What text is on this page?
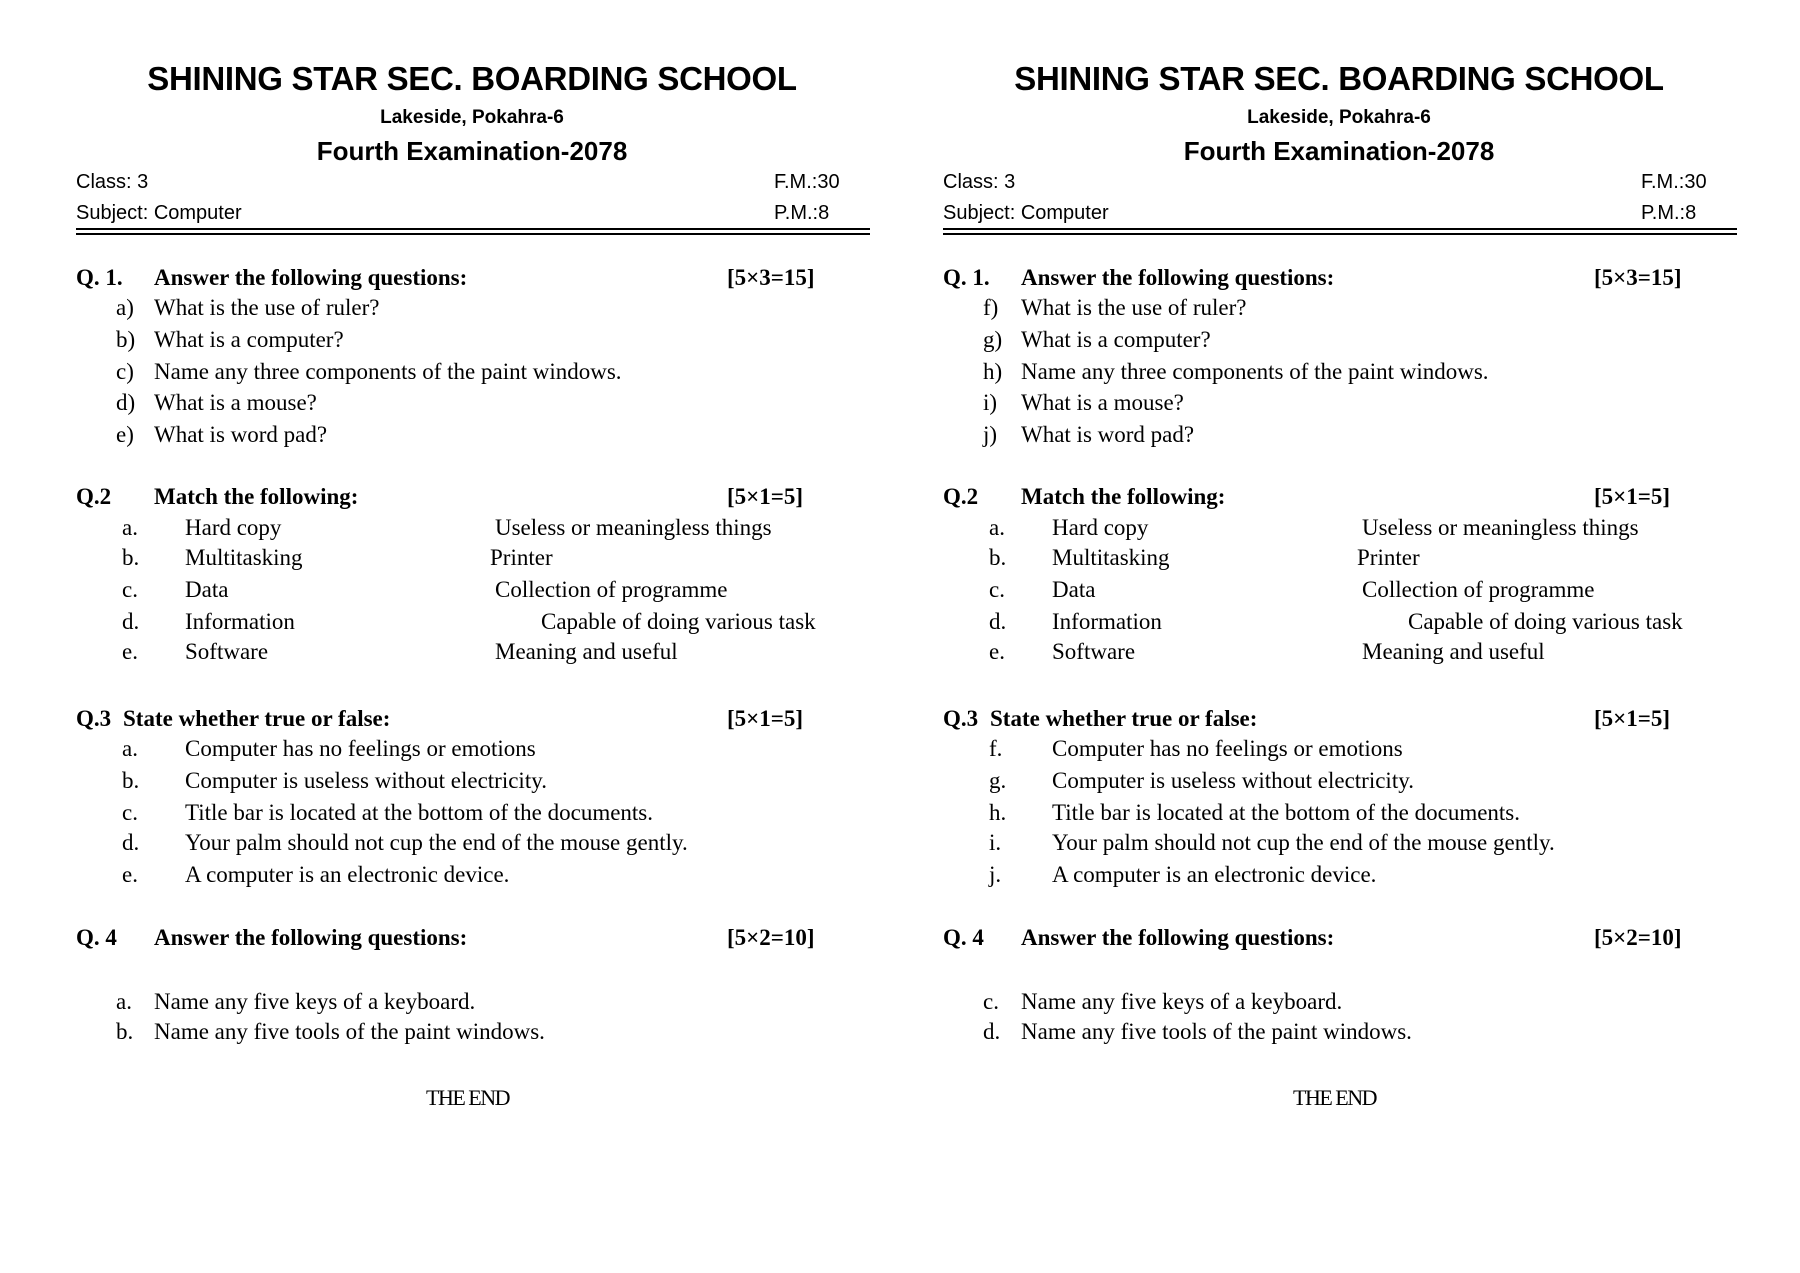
SHINING STAR SEC. BOARDING SCHOOL
Lakeside, Pokahra-6
Fourth Examination-2078
Class: 3	F.M.:30
Subject: Computer	P.M.:8
Q. 1. Answer the following questions:	[5×3=15]
a) What is the use of ruler?
b) What is a computer?
c) Name any three components of the paint windows.
d) What is a mouse?
e) What is word pad?
Q.2 Match the following:	[5×1=5]
a. Hard copy	Useless or meaningless things
b. Multitasking	Printer
c. Data	Collection of programme
d. Information	Capable of doing various task
e. Software	Meaning and useful
Q.3 State whether true or false:	[5×1=5]
a. Computer has no feelings or emotions
b. Computer is useless without electricity.
c. Title bar is located at the bottom of the documents.
d. Your palm should not cup the end of the mouse gently.
e. A computer is an electronic device.
Q. 4 Answer the following questions:	[5×2=10]
a. Name any five keys of a keyboard.
b. Name any five tools of the paint windows.
THE END
SHINING STAR SEC. BOARDING SCHOOL
Lakeside, Pokahra-6
Fourth Examination-2078
Class: 3	F.M.:30
Subject: Computer	P.M.:8
Q. 1. Answer the following questions:	[5×3=15]
f) What is the use of ruler?
g) What is a computer?
h) Name any three components of the paint windows.
i) What is a mouse?
j) What is word pad?
Q.2 Match the following:	[5×1=5]
a. Hard copy	Useless or meaningless things
b. Multitasking	Printer
c. Data	Collection of programme
d. Information	Capable of doing various task
e. Software	Meaning and useful
Q.3 State whether true or false:	[5×1=5]
f. Computer has no feelings or emotions
g. Computer is useless without electricity.
h. Title bar is located at the bottom of the documents.
i. Your palm should not cup the end of the mouse gently.
j. A computer is an electronic device.
Q. 4 Answer the following questions:	[5×2=10]
c. Name any five keys of a keyboard.
d. Name any five tools of the paint windows.
THE END
